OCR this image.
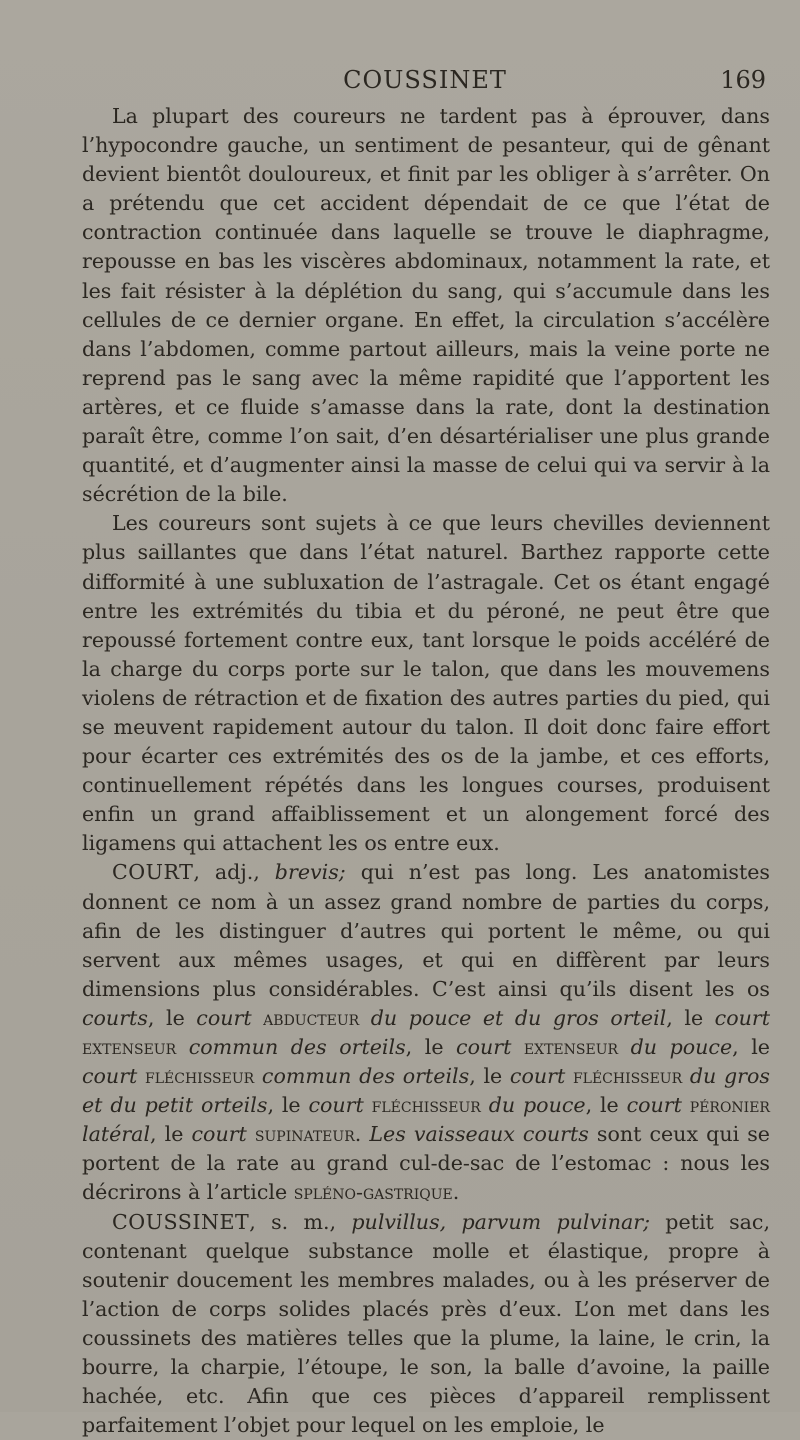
COUSSINET	169

La plupart des coureurs ne tardent pas à éprouver, dans l’hypocondre gauche, un sentiment de pesanteur, qui de gênant devient bientôt douloureux, et finit par les obliger à s’arrêter. On a prétendu que cet accident dépendait de ce que l’état de contraction continuée dans laquelle se trouve le diaphragme, repousse en bas les viscères abdominaux, notamment la rate, et les fait résister à la déplétion du sang, qui s’accumule dans les cellules de ce dernier organe. En effet, la circulation s’accélère dans l’abdomen, comme partout ailleurs, mais la veine porte ne reprend pas le sang avec la même rapidité que l’apportent les artères, et ce fluide s’amasse dans la rate, dont la destination paraît être, comme l’on sait, d’en désartérialiser une plus grande quantité, et d’augmenter ainsi la masse de celui qui va servir à la sécrétion de la bile.

Les coureurs sont sujets à ce que leurs chevilles deviennent plus saillantes que dans l’état naturel. Barthez rapporte cette difformité à une subluxation de l’astragale. Cet os étant engagé entre les extrémités du tibia et du péroné, ne peut être que repoussé fortement contre eux, tant lorsque le poids accéléré de la charge du corps porte sur le talon, que dans les mouvemens violens de rétraction et de fixation des autres parties du pied, qui se meuvent rapidement autour du talon. Il doit donc faire effort pour écarter ces extrémités des os de la jambe, et ces efforts, continuellement répétés dans les longues courses, produisent enfin un grand affaiblissement et un alongement forcé des ligamens qui attachent les os entre eux.

COURT, adj., brevis; qui n’est pas long. Les anatomistes donnent ce nom à un assez grand nombre de parties du corps, afin de les distinguer d’autres qui portent le même, ou qui servent aux mêmes usages, et qui en diffèrent par leurs dimensions plus considérables. C’est ainsi qu’ils disent les os courts, le court abducteur du pouce et du gros orteil, le court extenseur commun des orteils, le court extenseur du pouce, le court fléchisseur commun des orteils, le court fléchisseur du gros et du petit orteils, le court fléchisseur du pouce, le court péronier latéral, le court supinateur. Les vaisseaux courts sont ceux qui se portent de la rate au grand cul-de-sac de l’estomac : nous les décrirons à l’article spléno-gastrique.

COUSSINET, s. m., pulvillus, parvum pulvinar; petit sac, contenant quelque substance molle et élastique, propre à soutenir doucement les membres malades, ou à les préserver de l’action de corps solides placés près d’eux. L’on met dans les coussinets des matières telles que la plume, la laine, le crin, la bourre, la charpie, l’étoupe, le son, la balle d’avoine, la paille hachée, etc. Afin que ces pièces d’appareil remplissent parfaitement l’objet pour lequel on les emploie, le
